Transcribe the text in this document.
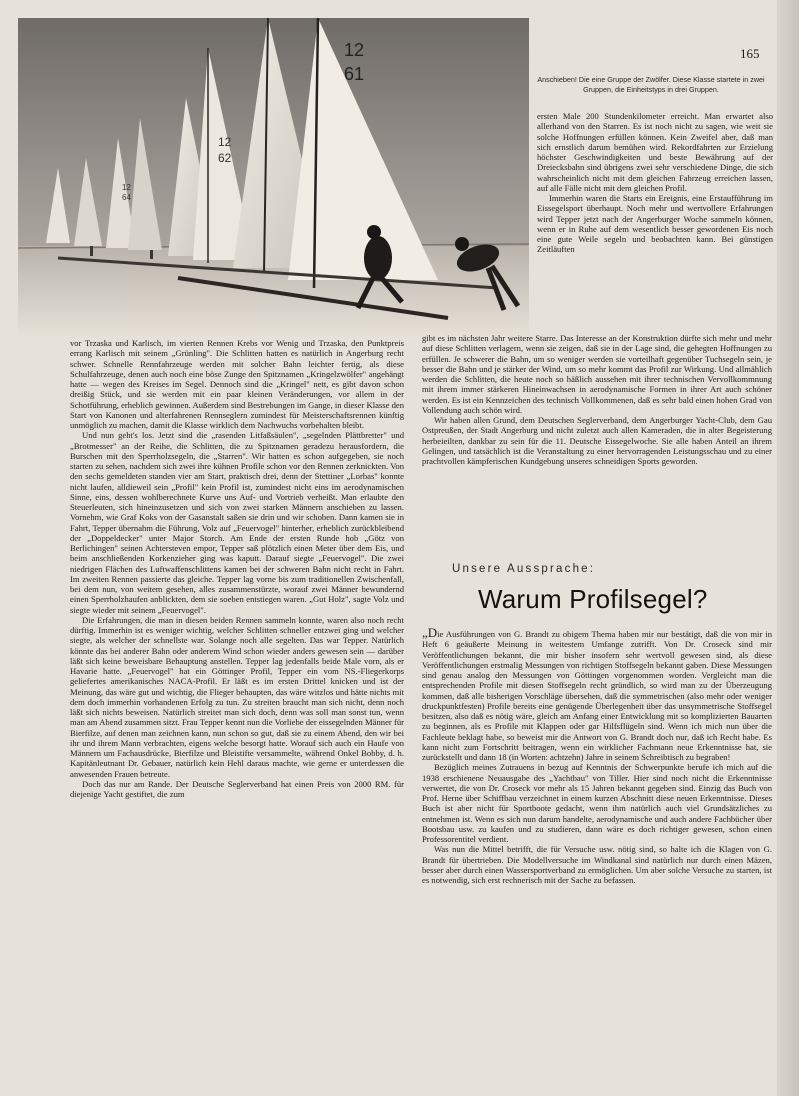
165
12
61
12
62
12
64
Anschieben! Die eine Gruppe der Zwölfer. Diese Klasse startete in zwei Gruppen, die Einheitstyps in drei Gruppen.

ersten Male 200 Stundenkilometer erreicht. Man erwartet also allerhand von den Starren. Es ist noch nicht zu sagen, wie weit sie solche Hoffnungen erfüllen können. Kein Zweifel aber, daß man sich ernstlich darum bemühen wird. Rekordfahrten zur Erzielung höchster Geschwindigkeiten und beste Bewährung auf der Dreiecksbahn sind übrigens zwei sehr verschiedene Dinge, die sich wahrscheinlich nicht mit dem gleichen Fahrzeug erreichen lassen, auf alle Fälle nicht mit dem gleichen Profil.

Immerhin waren die Starts ein Ereignis, eine Erstaufführung im Eissegelsport überhaupt. Noch mehr und wertvollere Erfahrungen wird Tepper jetzt nach der Angerburger Woche sammeln können, wenn er in Ruhe auf dem wesentlich besser gewordenen Eis noch eine gute Weile segeln und beobachten kann. Bei günstigen Zeitläuften

gibt es im nächsten Jahr weitere Starre. Das Interesse an der Konstruktion dürfte sich mehr und mehr auf diese Schlitten verlagern, wenn sie zeigen, daß sie in der Lage sind, die gehegten Hoffnungen zu erfüllen. Je schwerer die Bahn, um so weniger werden sie vorteilhaft gegenüber Tuchsegeln sein, je besser die Bahn und je stärker der Wind, um so mehr kommt das Profil zur Wirkung. Und allmählich werden die Schlitten, die heute noch so häßlich aussehen mit ihrer technischen Vervollkommnung mit ihrem immer stärkeren Hineinwachsen in aerodynamische Formen in ihrer Art auch schöner werden. Es ist ein Kennzeichen des technisch Vollkommenen, daß es sehr bald einen hohen Grad von Vollendung auch schön wird.

Wir haben allen Grund, dem Deutschen Seglerverband, dem Angerburger Yacht-Club, dem Gau Ostpreußen, der Stadt Angerburg und nicht zuletzt auch allen Kameraden, die in alter Begeisterung herbeieilten, dankbar zu sein für die 11. Deutsche Eissegelwoche. Sie alle haben Anteil an ihrem Gelingen, und tatsächlich ist die Veranstaltung zu einer hervorragenden Leistungsschau und zu einer prachtvollen kämpferischen Kundgebung unseres schneidigen Sports geworden.

vor Trzaska und Karlisch, im vierten Rennen Krebs vor Wenig und Trzaska, den Punktpreis errang Karlisch mit seinem „Grünling". Die Schlitten hatten es natürlich in Angerburg recht schwer. Schnelle Rennfahrzeuge werden mit solcher Bahn leichter fertig, als diese Schulfahrzeuge, denen auch noch eine böse Zunge den Spitznamen „Kringelzwölfer" angehängt hatte — wegen des Kreises im Segel. Dennoch sind die „Kringel" nett, es gibt davon schon dreißig Stück, und sie werden mit ein paar kleinen Veränderungen, vor allem in der Schotführung, erheblich gewinnen. Außerdem sind Bestrebungen im Gange, in dieser Klasse den Start von Kanonen und alterfahrenen Rennseglern zumindest für Meisterschaftsrennen künftig unmöglich zu machen, damit die Klasse wirklich dem Nachwuchs vorbehalten bleibt.

Und nun geht's los. Jetzt sind die „rasenden Litfaßsäulen", „segelnden Plättbretter" und „Brotmesser" an der Reihe, die Schlitten, die zu Spitznamen geradezu herausfordern, die Burschen mit den Sperrholzsegeln, die „Starren". Wir hatten es schon aufgegeben, sie noch starten zu sehen, nachdem sich zwei ihre kühnen Profile schon vor den Rennen zerknickten. Von den sechs gemeldeten standen vier am Start, praktisch drei, denn der Stettiner „Lorbas" konnte nicht laufen, alldieweil sein „Profil" kein Profil ist, zumindest nicht eins im aerodynamischen Sinne, eins, dessen wohlberechnete Kurve uns Auf- und Vortrieb verheißt. Man erlaubte den Steuerleuten, sich hineinzusetzen und sich von zwei starken Männern anschieben zu lassen. Vornehm, wie Graf Koks von der Gasanstalt saßen sie drin und wir schoben. Dann kamen sie in Fahrt, Tepper übernahm die Führung, Volz auf „Feuervogel" hinterher, erheblich zurückbleibend der „Doppeldecker" unter Major Storch. Am Ende der ersten Runde hob „Götz von Berlichingen" seinen Achtersteven empor, Tepper saß plötzlich einen Meter über dem Eis, und beim anschließenden Korkenzieher ging was kaputt. Darauf siegte „Feuervogel". Die zwei niedrigen Flächen des Luftwaffenschlittens kamen bei der schweren Bahn nicht recht in Fahrt. Im zweiten Rennen passierte das gleiche. Tepper lag vorne bis zum traditionellen Zwischenfall, bei dem nun, von weitem gesehen, alles zusammenstürzte, worauf zwei Männer bewundernd einen Sperrholzhaufen anblickten, dem sie soeben entstiegen waren. „Gut Holz", sagte Volz und siegte wieder mit seinem „Feuervogel".

Die Erfahrungen, die man in diesen beiden Rennen sammeln konnte, waren also noch recht dürftig. Immerhin ist es weniger wichtig, welcher Schlitten schneller entzwei ging und welcher siegte, als welcher der schnellste war. Solange noch alle segelten. Das war Tepper. Natürlich könnte das bei anderer Bahn oder anderem Wind schon wieder anders gewesen sein — darüber läßt sich keine beweisbare Behauptung anstellen. Tepper lag jedenfalls beide Male vorn, als er Havarie hatte. „Feuervogel" hat ein Göttinger Profil, Tepper ein vom NS.-Fliegerkorps geliefertes amerikanisches NACA-Profil. Er läßt es im ersten Drittel knicken und ist der Meinung, das wäre gut und wichtig, die Flieger behaupten, das wäre witzlos und hätte nichts mit dem doch immerhin vorhandenen Erfolg zu tun. Zu streiten braucht man sich nicht, denn noch läßt sich nichts beweisen. Natürlich streitet man sich doch, denn was soll man sonst tun, wenn man am Abend zusammen sitzt. Frau Tepper kennt nun die Vorliebe der eissegelnden Männer für Bierfilze, auf denen man zeichnen kann, nun schon so gut, daß sie zu einem Abend, den wir bei ihr und ihrem Mann verbrachten, eigens welche besorgt hatte. Worauf sich auch ein Haufe von Männern um Fachausdrücke, Bierfilze und Bleistifte versammelte, während Onkel Bobby, d. h. Kapitänleutnant Dr. Gebauer, natürlich kein Hehl daraus machte, wie gerne er unterdessen die anwesenden Frauen betreute.

Doch das nur am Rande. Der Deutsche Seglerverband hat einen Preis von 2000 RM. für diejenige Yacht gestiftet, die zum

Unsere Aussprache:
Warum Profilsegel?

„Die Ausführungen von G. Brandt zu obigem Thema haben mir nur bestätigt, daß die von mir in Heft 6 geäußerte Meinung in weitestem Umfange zutrifft. Von Dr. Croseck sind mir Veröffentlichungen bekannt, die mir bisher insofern sehr wertvoll gewesen sind, als diese Veröffentlichungen erstmalig Messungen von richtigen Stoffsegeln bekannt gaben. Diese Messungen sind genau analog den Messungen von Göttingen vorgenommen worden. Vergleicht man die entsprechenden Profile mit diesen Stoffsegeln recht gründlich, so wird man zu der Überzeugung kommen, daß alle bisherigen Vorschläge übersehen, daß die symmetrischen (also mehr oder weniger druckpunktfesten) Profile bereits eine genügende Überlegenheit über das unsymmetrische Stoffsegel besitzen, also daß es nötig wäre, gleich am Anfang einer Entwicklung mit so komplizierten Bauarten zu beginnen, als es Profile mit Klappen oder gar Hilfsflügeln sind. Wenn ich mich nun über die Fachleute beklagt habe, so beweist mir die Antwort von G. Brandt doch nur, daß ich Recht habe. Es kann nicht zum Fortschritt beitragen, wenn ein wirklicher Fachmann neue Erkenntnisse hat, sie zurückstellt und dann 18 (in Worten: achtzehn) Jahre in seinem Schreibtisch zu begraben!

Bezüglich meines Zutrauens in bezug auf Kenntnis der Schwerpunkte berufe ich mich auf die 1938 erschienene Neuausgabe des „Yachtbau" von Tiller. Hier sind noch nicht die Erkenntnisse verwertet, die von Dr. Croseck vor mehr als 15 Jahren bekannt gegeben sind. Einzig das Buch von Prof. Herne über Schiffbau verzeichnet in einem kurzen Abschnitt diese neuen Erkenntnisse. Dieses Buch ist aber nicht für Sportboote gedacht, wenn ihm natürlich auch viel Grundsätzliches zu entnehmen ist. Wenn es sich nun darum handelte, aerodynamische und auch andere Fachbücher über Bootsbau usw. zu kaufen und zu studieren, dann wäre es doch richtiger gewesen, schon einen Professorentitel verdient.

Was nun die Mittel betrifft, die für Versuche usw. nötig sind, so halte ich die Klagen von G. Brandt für übertrieben. Die Modellversuche im Windkanal sind natürlich nur durch einen Mäzen, besser aber durch einen Wassersportverband zu ermöglichen. Um aber solche Versuche zu starten, ist es notwendig, sich erst rechnerisch mit der Sache zu befassen.
